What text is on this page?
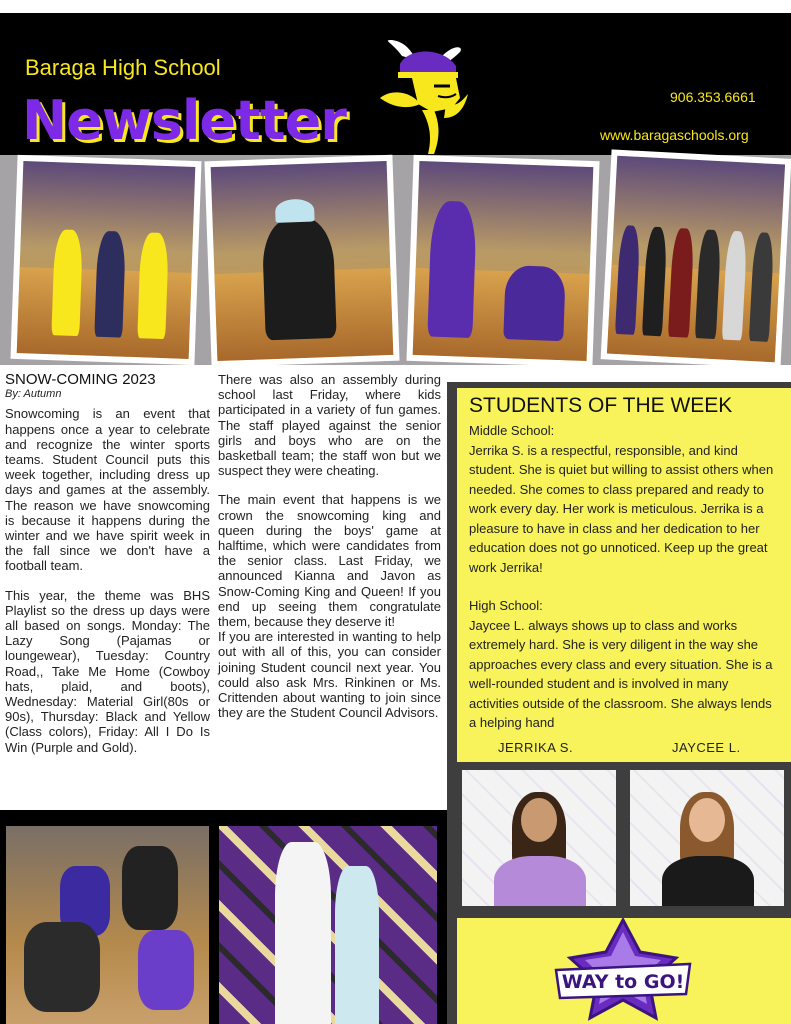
Baraga High School
Newsletter	906.353.6661
www.baragaschools.org
SNOW-COMING 2023
By: Autumn

Snowcoming is an event that happens once a year to celebrate and recognize the winter sports teams. Student Council puts this week together, including dress up days and games at the assembly. The reason we have snowcoming is because it happens during the winter and we have spirit week in the fall since we don't have a football team.

This year, the theme was BHS Playlist so the dress up days were all based on songs. Monday: The Lazy Song (Pajamas or loungewear), Tuesday: Country Road,, Take Me Home (Cowboy hats, plaid, and boots), Wednesday: Material Girl(80s or 90s), Thursday: Black and Yellow (Class colors), Friday: All I Do Is Win (Purple and Gold).

There was also an assembly during school last Friday, where kids participated in a variety of fun games. The staff played against the senior girls and boys who are on the basketball team; the staff won but we suspect they were cheating.

The main event that happens is we crown the snowcoming king and queen during the boys' game at halftime, which were candidates from the senior class. Last Friday, we announced Kianna and Javon as Snow-Coming King and Queen! If you end up seeing them congratulate them, because they deserve it!

If you are interested in wanting to help out with all of this, you can consider joining Student council next year. You could also ask Mrs. Rinkinen or Ms. Crittenden about wanting to join since they are the Student Council Advisors.

STUDENTS OF THE WEEK

Middle School:

Jerrika S. is a respectful, responsible, and kind student. She is quiet but willing to assist others when needed. She comes to class prepared and ready to work every day. Her work is meticulous. Jerrika is a pleasure to have in class and her dedication to her education does not go unnoticed. Keep up the great work Jerrika!

High School:

Jaycee L. always shows up to class and works extremely hard. She is very diligent in the way she approaches every class and every situation. She is a well-rounded student and is involved in many activities outside of the classroom. She always lends a helping hand

JERRIKA S.	JAYCEE L.
WAY to GO!
